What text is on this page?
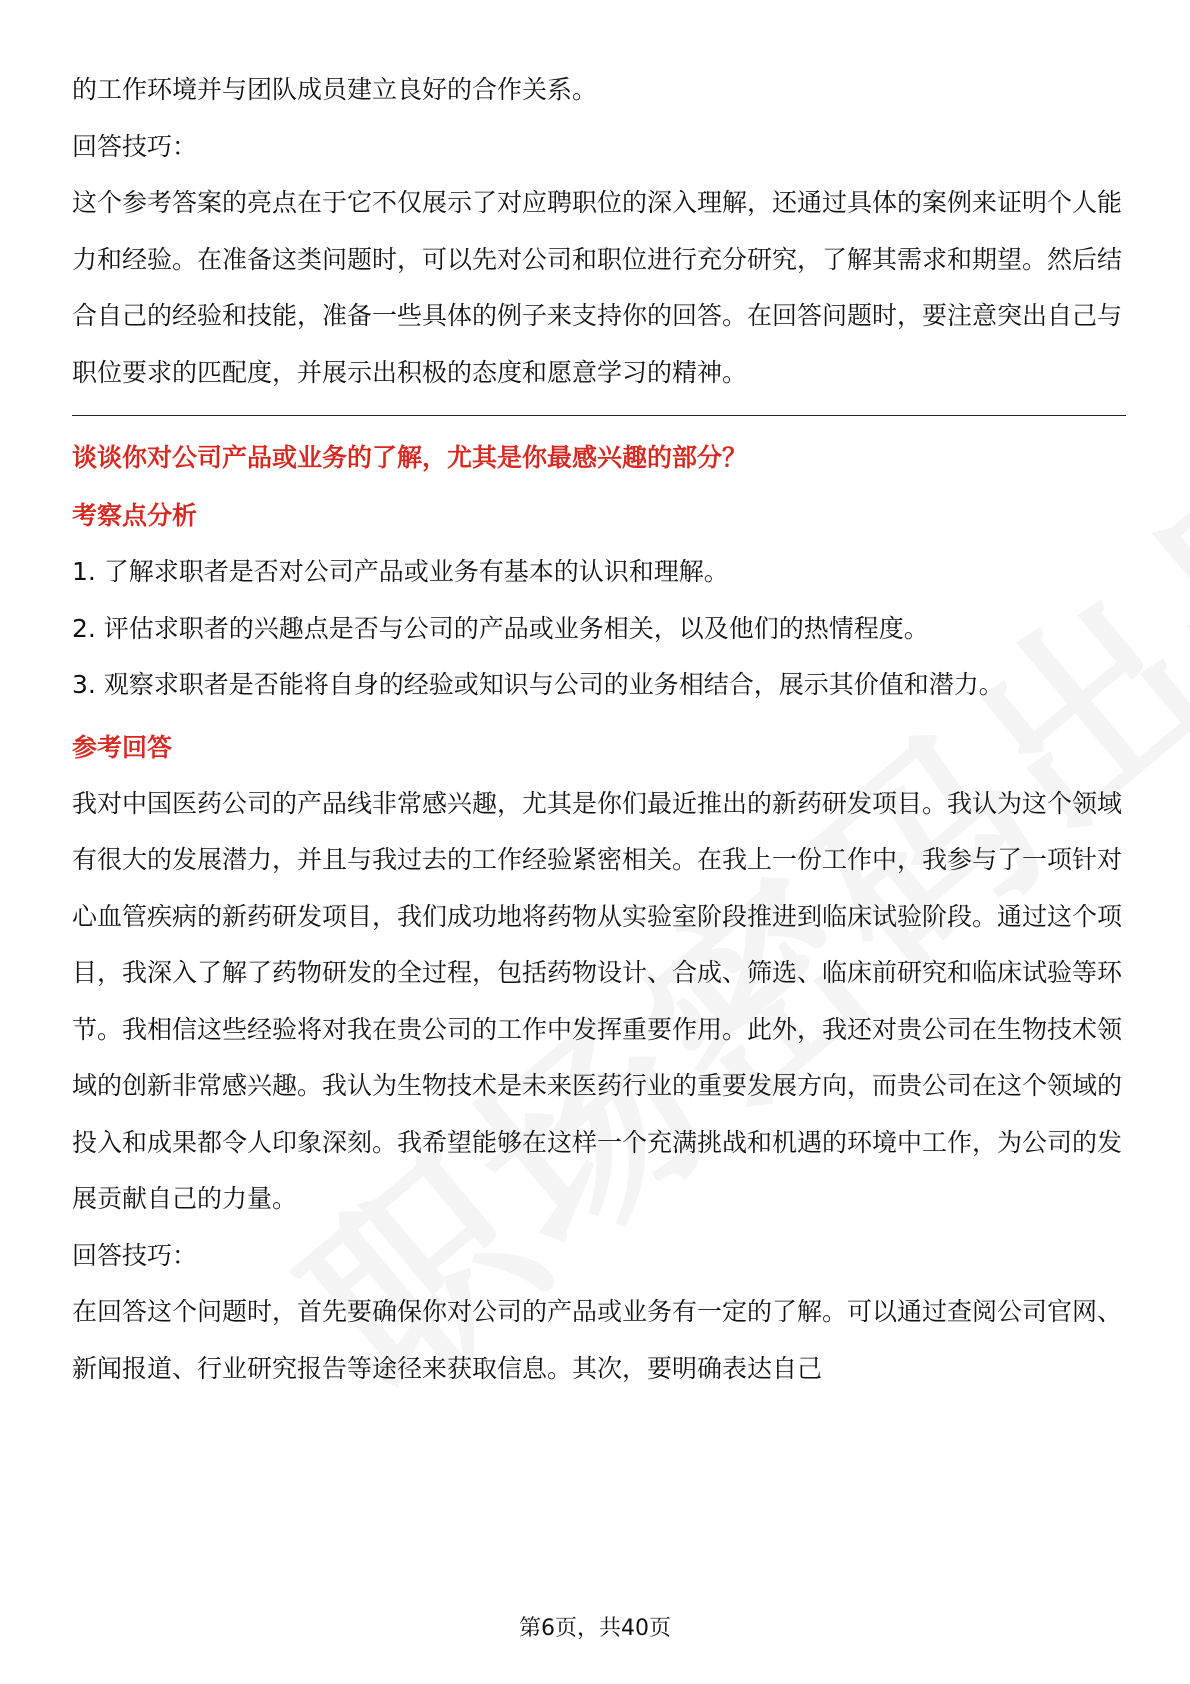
的工作环境并与团队成员建立良好的合作关系。

回答技巧：

这个参考答案的亮点在于它不仅展示了对应聘职位的深入理解，还通过具体的案例来证明个人能力和经验。在准备这类问题时，可以先对公司和职位进行充分研究，了解其需求和期望。然后结合自己的经验和技能，准备一些具体的例子来支持你的回答。在回答问题时，要注意突出自己与职位要求的匹配度，并展示出积极的态度和愿意学习的精神。

谈谈你对公司产品或业务的了解，尤其是你最感兴趣的部分？

考察点分析

1. 了解求职者是否对公司产品或业务有基本的认识和理解。

2. 评估求职者的兴趣点是否与公司的产品或业务相关，以及他们的热情程度。

3. 观察求职者是否能将自身的经验或知识与公司的业务相结合，展示其价值和潜力。

参考回答

我对中国医药公司的产品线非常感兴趣，尤其是你们最近推出的新药研发项目。我认为这个领域有很大的发展潜力，并且与我过去的工作经验紧密相关。在我上一份工作中，我参与了一项针对心血管疾病的新药研发项目，我们成功地将药物从实验室阶段推进到临床试验阶段。通过这个项目，我深入了解了药物研发的全过程，包括药物设计、合成、筛选、临床前研究和临床试验等环节。我相信这些经验将对我在贵公司的工作中发挥重要作用。此外，我还对贵公司在生物技术领域的创新非常感兴趣。我认为生物技术是未来医药行业的重要发展方向，而贵公司在这个领域的投入和成果都令人印象深刻。我希望能够在这样一个充满挑战和机遇的环境中工作，为公司的发展贡献自己的力量。

回答技巧：

在回答这个问题时，首先要确保你对公司的产品或业务有一定的了解。可以通过查阅公司官网、新闻报道、行业研究报告等途径来获取信息。其次，要明确表达自己

第6页，共40页
